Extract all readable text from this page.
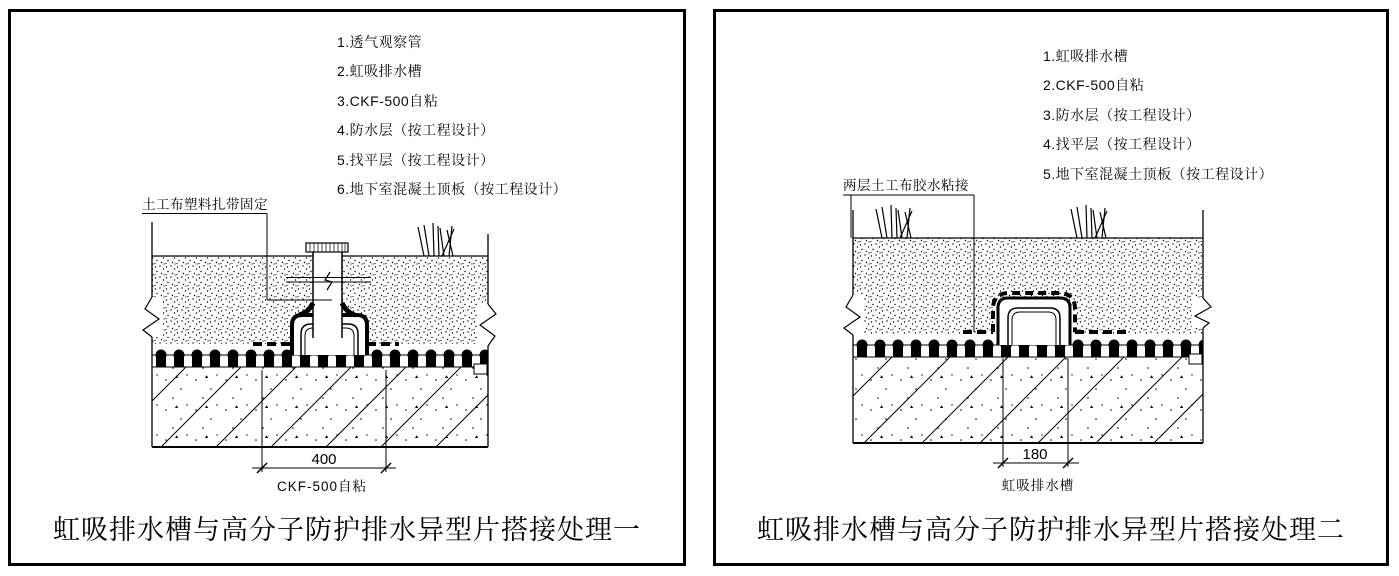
1.透气观察管
2.虹吸排水槽
3.CKF-500自粘
4.防水层（按工程设计）
5.找平层（按工程设计）
6.地下室混凝土顶板（按工程设计）
土工布塑料扎带固定
400
CKF-500自粘
虹吸排水槽与高分子防护排水异型片搭接处理一
1.虹吸排水槽
2.CKF-500自粘
3.防水层（按工程设计）
4.找平层（按工程设计）
5.地下室混凝土顶板（按工程设计）
两层土工布胶水粘接
180
虹吸排水槽
虹吸排水槽与高分子防护排水异型片搭接处理二
